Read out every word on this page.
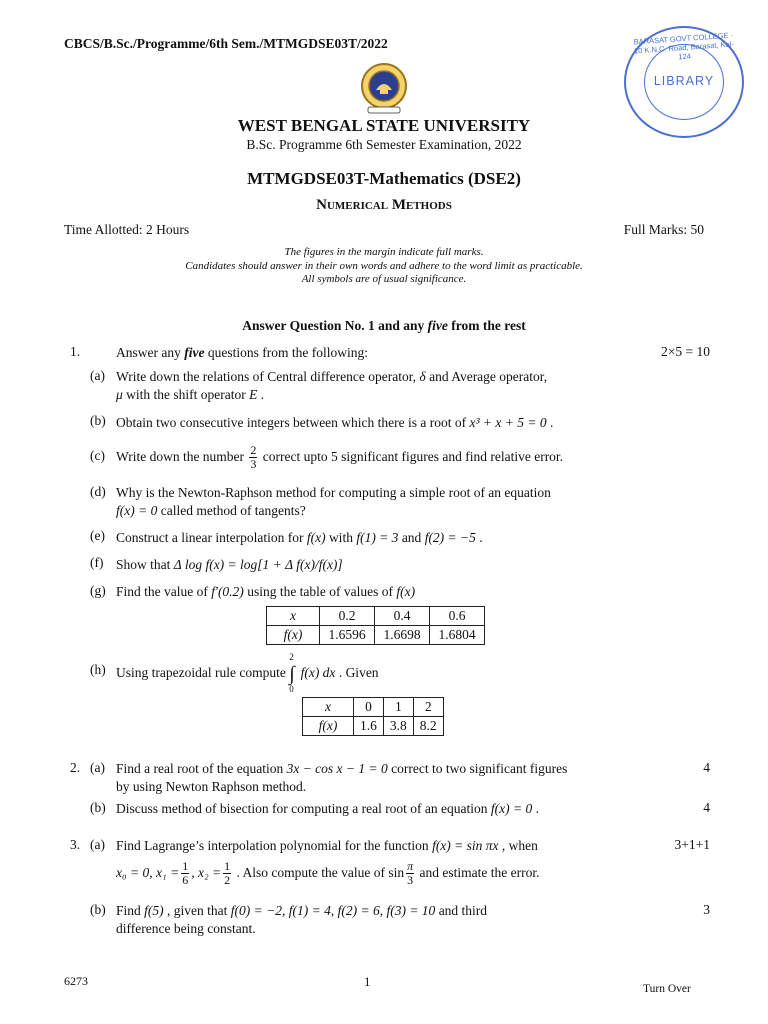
CBCS/B.Sc./Programme/6th Sem./MTMGDSE03T/2022
LIBRARY
BARASAT GOVT COLLEGE · 10 K.N.C. Road, Barasat, Kol-124
WEST BENGAL STATE UNIVERSITY
B.Sc. Programme 6th Semester Examination, 2022
MTMGDSE03T-Mathematics (DSE2)
Numerical Methods
Time Allotted: 2 Hours	Full Marks: 50
The figures in the margin indicate full marks.
Candidates should answer in their own words and adhere to the word limit as practicable.
All symbols are of usual significance.
Answer Question No. 1 and any five from the rest
1.	Answer any five questions from the following:	2×5 = 10
(a) Write down the relations of Central difference operator, δ and Average operator,
μ with the shift operator E .
(b) Obtain two consecutive integers between which there is a root of x³ + x + 5 = 0 .
(c) Write down the number $\frac{2}{3}$ correct upto 5 significant figures and find relative error.
(d) Why is the Newton-Raphson method for computing a simple root of an equation
f(x) = 0 called method of tangents?
(e) Construct a linear interpolation for f(x) with f(1) = 3 and f(2) = −5 .
(f) Show that Δ log f(x) = log[1 + Δ f(x)/f(x)]
(g) Find the value of f′(0.2) using the table of values of f(x)
x	0.2	0.4	0.6
f(x)	1.6596	1.6698	1.6804
(h) Using trapezoidal rule compute
2
∫
0
f(x) dx . Given
x	0	1	2
f(x)	1.6	3.8	8.2
2. (a) Find a real root of the equation 3x − cos x − 1 = 0 correct to two significant figures
by using Newton Raphson method.
4
(b) Discuss method of bisection for computing a real root of an equation f(x) = 0 .	4
3. (a) Find Lagrange’s interpolation polynomial for the function f(x) = sin πx , when
x₀ = 0, $x_1 = \frac{1}{6}$ , $x_2 = \frac{1}{2}$ . Also compute the value of $\sin \frac{\pi}{3}$ and estimate the error.
3+1+1
(b) Find f(5) , given that f(0) = −2, f(1) = 4, f(2) = 6, f(3) = 10 and third
difference being constant.
3
6273	1	Turn Over
